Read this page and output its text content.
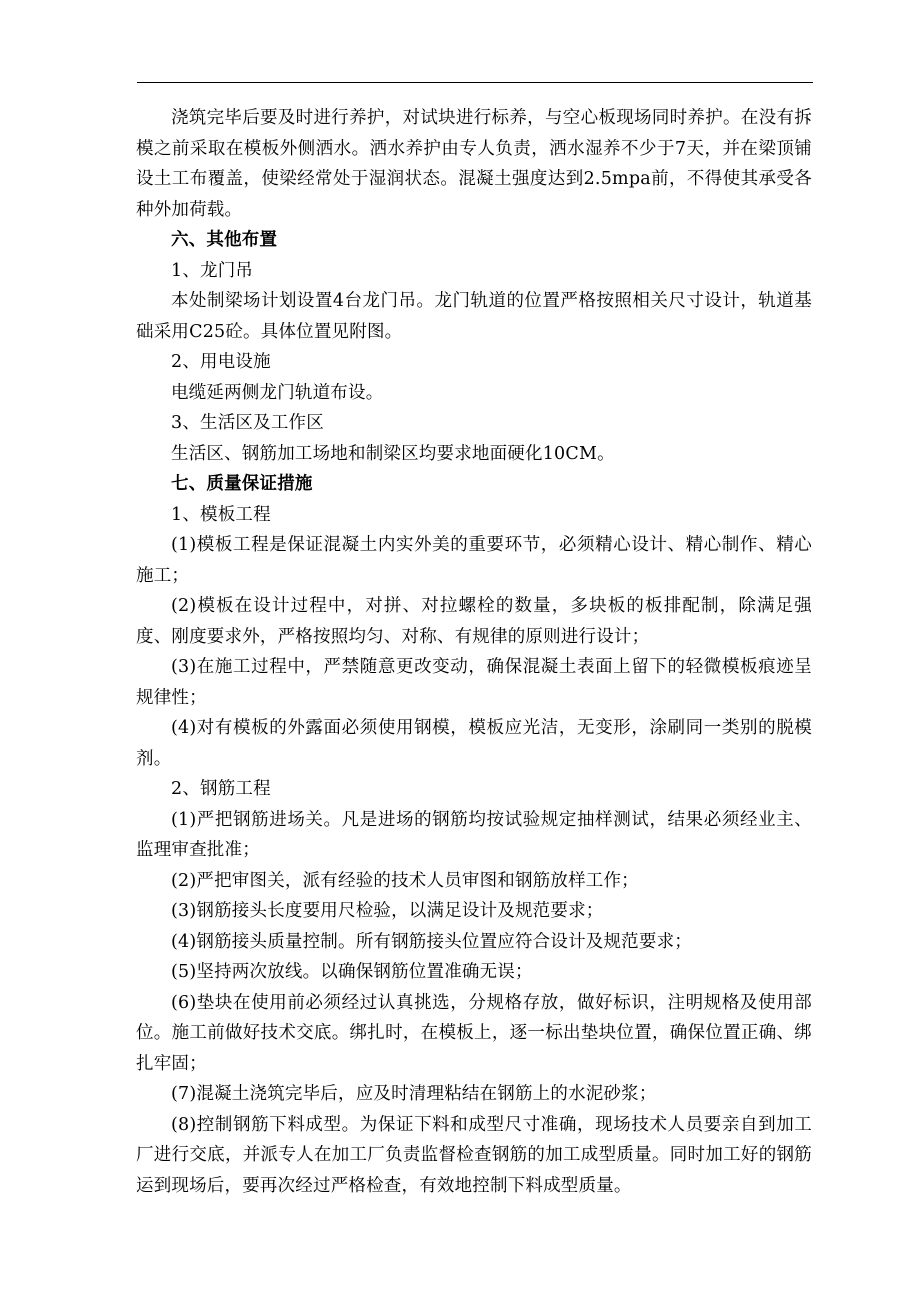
浇筑完毕后要及时进行养护，对试块进行标养，与空心板现场同时养护。在没有拆模之前采取在模板外侧洒水。洒水养护由专人负责，洒水湿养不少于7天，并在梁顶铺设土工布覆盖，使梁经常处于湿润状态。混凝土强度达到2.5mpa前，不得使其承受各种外加荷载。

六、其他布置

1、龙门吊

本处制梁场计划设置4台龙门吊。龙门轨道的位置严格按照相关尺寸设计，轨道基础采用C25砼。具体位置见附图。

2、用电设施

电缆延两侧龙门轨道布设。

3、生活区及工作区

生活区、钢筋加工场地和制梁区均要求地面硬化10CM。

七、质量保证措施

1、模板工程

(1)模板工程是保证混凝土内实外美的重要环节，必须精心设计、精心制作、精心施工；

(2)模板在设计过程中，对拼、对拉螺栓的数量，多块板的板排配制，除满足强度、刚度要求外，严格按照均匀、对称、有规律的原则进行设计；

(3)在施工过程中，严禁随意更改变动，确保混凝土表面上留下的轻微模板痕迹呈规律性；

(4)对有模板的外露面必须使用钢模，模板应光洁，无变形，涂刷同一类别的脱模剂。

2、钢筋工程

(1)严把钢筋进场关。凡是进场的钢筋均按试验规定抽样测试，结果必须经业主、监理审查批准；

(2)严把审图关，派有经验的技术人员审图和钢筋放样工作；

(3)钢筋接头长度要用尺检验，以满足设计及规范要求；

(4)钢筋接头质量控制。所有钢筋接头位置应符合设计及规范要求；

(5)坚持两次放线。以确保钢筋位置准确无误；

(6)垫块在使用前必须经过认真挑选，分规格存放，做好标识，注明规格及使用部位。施工前做好技术交底。绑扎时，在模板上，逐一标出垫块位置，确保位置正确、绑扎牢固；

(7)混凝土浇筑完毕后，应及时清理粘结在钢筋上的水泥砂浆；

(8)控制钢筋下料成型。为保证下料和成型尺寸准确，现场技术人员要亲自到加工厂进行交底，并派专人在加工厂负责监督检查钢筋的加工成型质量。同时加工好的钢筋运到现场后，要再次经过严格检查，有效地控制下料成型质量。
